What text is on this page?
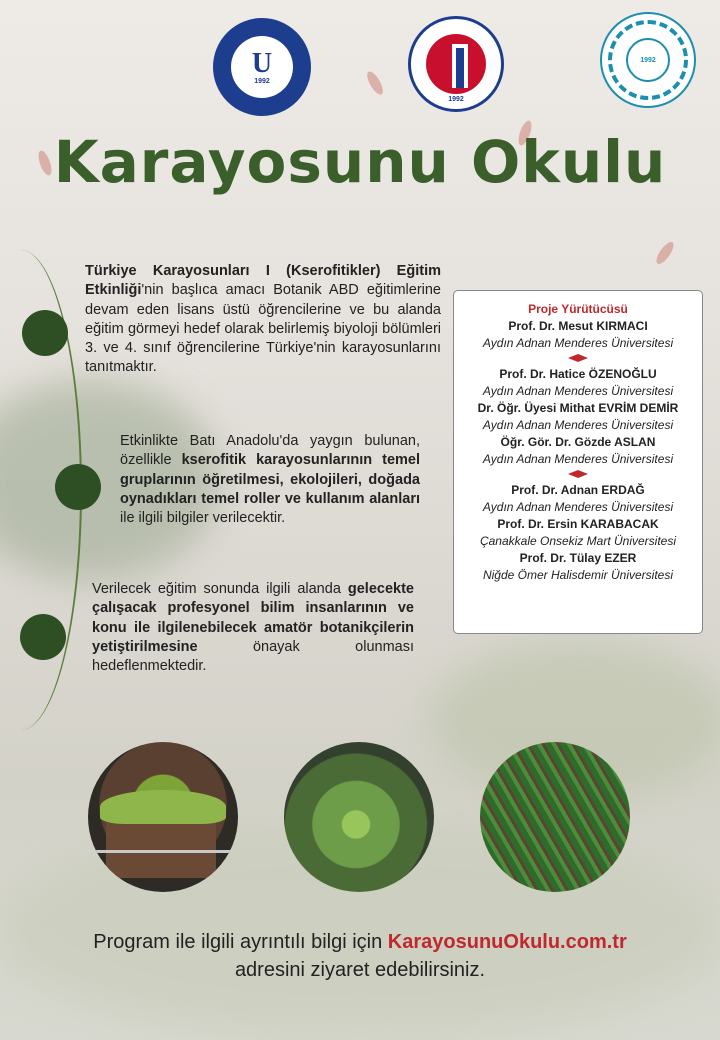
U
1992
1992
1992
Karayosunu Okulu
Türkiye Karayosunları I (Kserofitikler) Eğitim Etkinliği'nin başlıca amacı Botanik ABD eğitimlerine devam eden lisans üstü öğrencilerine ve bu alanda eğitim görmeyi hedef olarak belirlemiş biyoloji bölümleri 3. ve 4. sınıf öğrencilerine Türkiye'nin karayosunlarını tanıtmaktır.
Etkinlikte Batı Anadolu'da yaygın bulunan, özellikle kserofitik karayosunlarının temel gruplarının öğretilmesi, ekolojileri, doğada oynadıkları temel roller ve kullanım alanları ile ilgili bilgiler verilecektir.
Verilecek eğitim sonunda ilgili alanda gelecekte çalışacak profesyonel bilim insanlarının ve konu ile ilgilenebilecek amatör botanikçilerin yetiştirilmesine önayak olunması hedeflenmektedir.
Proje Yürütücüsü
Prof. Dr. Mesut KIRMACI
Aydın Adnan Menderes Üniversitesi
Prof. Dr. Hatice ÖZENOĞLU
Aydın Adnan Menderes Üniversitesi
Dr. Öğr. Üyesi Mithat EVRİM DEMİR
Aydın Adnan Menderes Üniversitesi
Öğr. Gör. Dr. Gözde ASLAN
Aydın Adnan Menderes Üniversitesi
Prof. Dr. Adnan ERDAĞ
Aydın Adnan Menderes Üniversitesi
Prof. Dr. Ersin KARABACAK
Çanakkale Onsekiz Mart Üniversitesi
Prof. Dr. Tülay EZER
Niğde Ömer Halisdemir Üniversitesi
Program ile ilgili ayrıntılı bilgi için KarayosunuOkulu.com.tr
adresini ziyaret edebilirsiniz.
